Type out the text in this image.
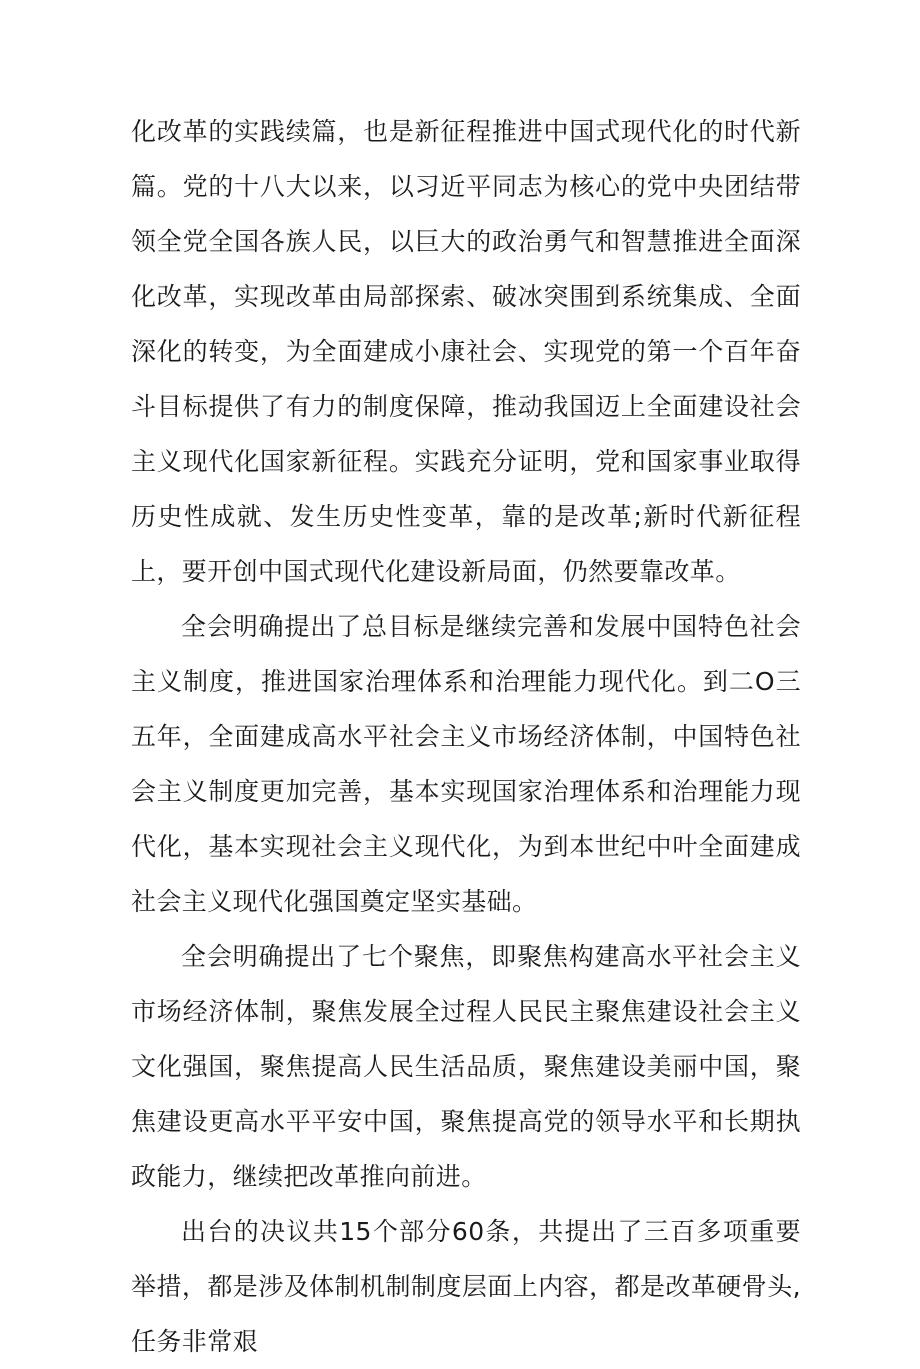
化改革的实践续篇，也是新征程推进中国式现代化的时代新篇。党的十八大以来，以习近平同志为核心的党中央团结带领全党全国各族人民，以巨大的政治勇气和智慧推进全面深化改革，实现改革由局部探索、破冰突围到系统集成、全面深化的转变，为全面建成小康社会、实现党的第一个百年奋斗目标提供了有力的制度保障，推动我国迈上全面建设社会主义现代化国家新征程。实践充分证明，党和国家事业取得历史性成就、发生历史性变革，靠的是改革;新时代新征程上，要开创中国式现代化建设新局面，仍然要靠改革。

全会明确提出了总目标是继续完善和发展中国特色社会主义制度，推进国家治理体系和治理能力现代化。到二O三五年，全面建成高水平社会主义市场经济体制，中国特色社会主义制度更加完善，基本实现国家治理体系和治理能力现代化，基本实现社会主义现代化，为到本世纪中叶全面建成社会主义现代化强国奠定坚实基础。

全会明确提出了七个聚焦，即聚焦构建高水平社会主义市场经济体制，聚焦发展全过程人民民主聚焦建设社会主义文化强国，聚焦提高人民生活品质，聚焦建设美丽中国，聚焦建设更高水平平安中国，聚焦提高党的领导水平和长期执政能力，继续把改革推向前进。

出台的决议共15个部分60条，共提出了三百多项重要举措，都是涉及体制机制制度层面上内容，都是改革硬骨头,任务非常艰
